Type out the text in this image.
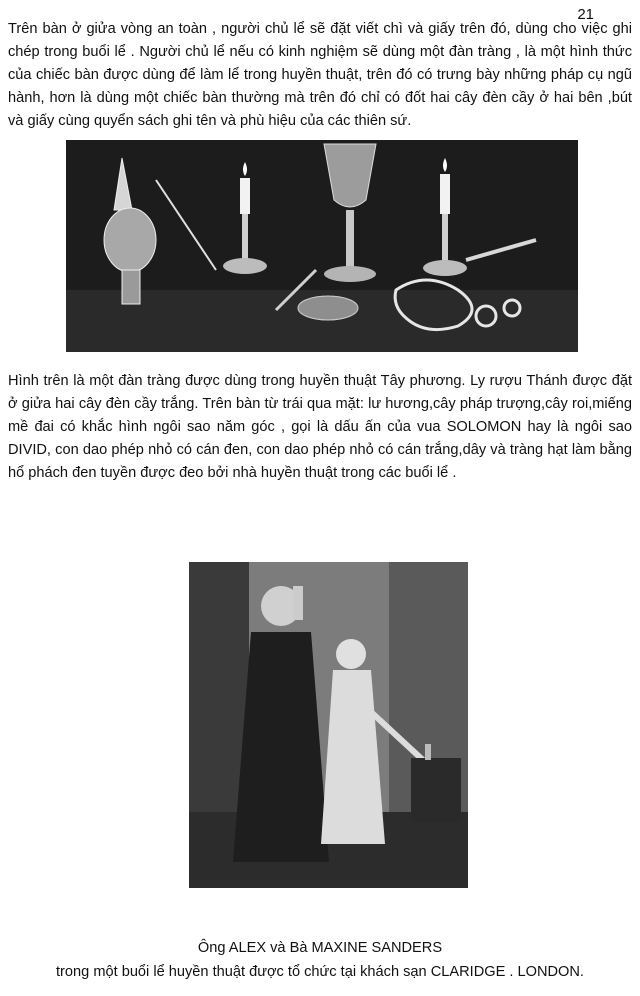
21

Trên bàn ở giửa vòng an toàn , người chủ lể sẽ đặt viết chì và giấy trên đó, dùng cho việc ghi chép trong buổi lể . Người chủ lể nếu có kinh nghiệm sẽ dùng một đàn tràng , là một hình thức của chiếc bàn được dùng để làm lể trong huyền thuật, trên đó có trưng bày những pháp cụ ngũ hành, hơn là dùng một chiếc bàn thường mà trên đó chỉ có đốt hai cây đèn cầy ở hai bên ,bút và giấy cùng quyển sách ghi tên và phù hiệu của các thiên sứ.

Hình trên là một đàn tràng được dùng trong huyền thuật Tây phương. Ly rượu Thánh được đặt ở giửa hai cây đèn cầy trắng. Trên bàn từ trái qua mặt: lư hương,cây pháp trượng,cây roi,miếng mề đai có khắc hình ngôi sao năm góc , gọi là dấu ấn của vua SOLOMON hay là ngôi sao DIVID, con dao phép nhỏ có cán đen, con dao phép nhỏ có cán trắng,dây và tràng hạt làm bằng hổ phách đen tuyền được đeo bởi nhà huyền thuật trong các buổi lể .

Ông ALEX và Bà MAXINE SANDERS
trong một buổi lể huyền thuật được tổ chức tại khách sạn CLARIDGE . LONDON.
